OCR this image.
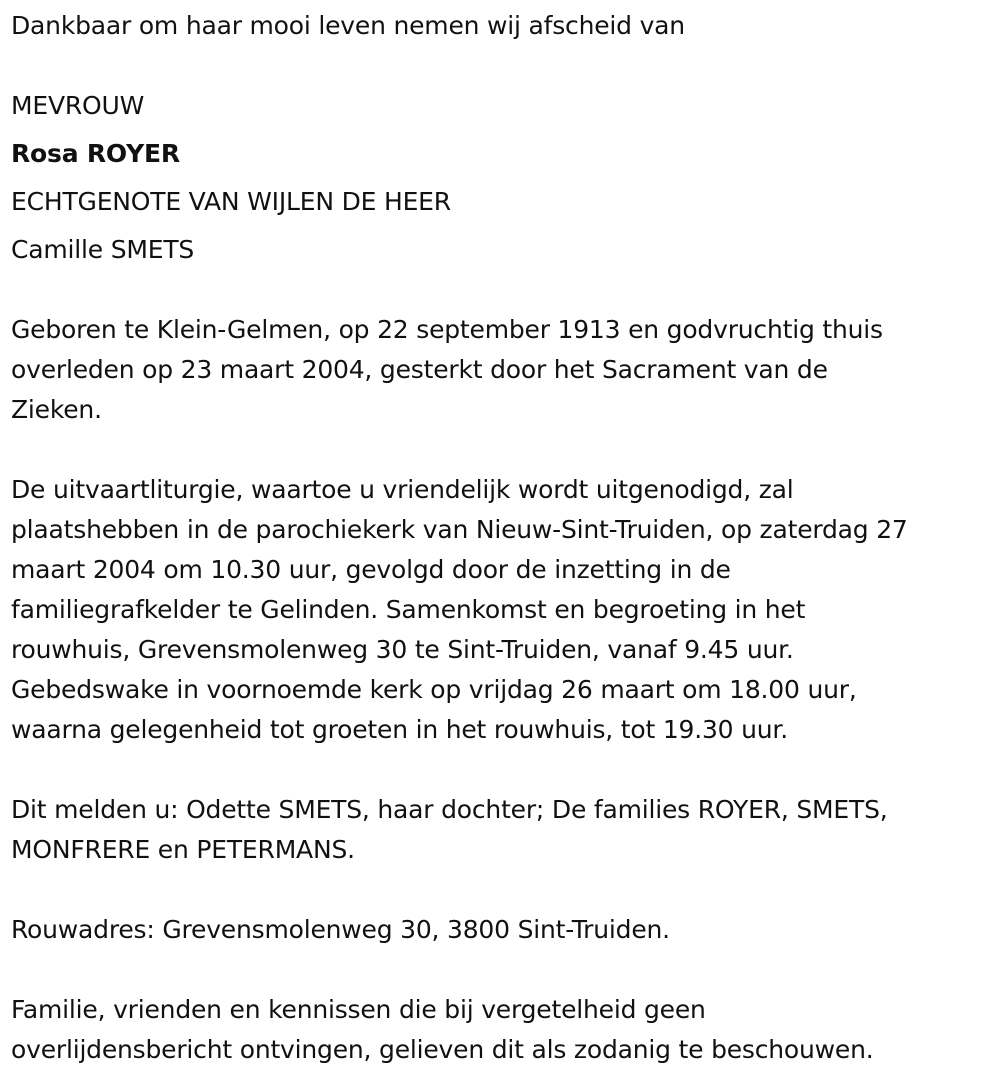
Dankbaar om haar mooi leven nemen wij afscheid van
MEVROUW
Rosa ROYER
ECHTGENOTE VAN WIJLEN DE HEER
Camille SMETS
Geboren te Klein-Gelmen, op 22 september 1913 en godvruchtig thuis
overleden op 23 maart 2004, gesterkt door het Sacrament van de
Zieken.
De uitvaartliturgie, waartoe u vriendelijk wordt uitgenodigd, zal
plaatshebben in de parochiekerk van Nieuw-Sint-Truiden, op zaterdag 27
maart 2004 om 10.30 uur, gevolgd door de inzetting in de
familiegrafkelder te Gelinden. Samenkomst en begroeting in het
rouwhuis, Grevensmolenweg 30 te Sint-Truiden, vanaf 9.45 uur.
Gebedswake in voornoemde kerk op vrijdag 26 maart om 18.00 uur,
waarna gelegenheid tot groeten in het rouwhuis, tot 19.30 uur.
Dit melden u: Odette SMETS, haar dochter; De families ROYER, SMETS,
MONFRERE en PETERMANS.
Rouwadres: Grevensmolenweg 30, 3800 Sint-Truiden.
Familie, vrienden en kennissen die bij vergetelheid geen
overlijdensbericht ontvingen, gelieven dit als zodanig te beschouwen.
